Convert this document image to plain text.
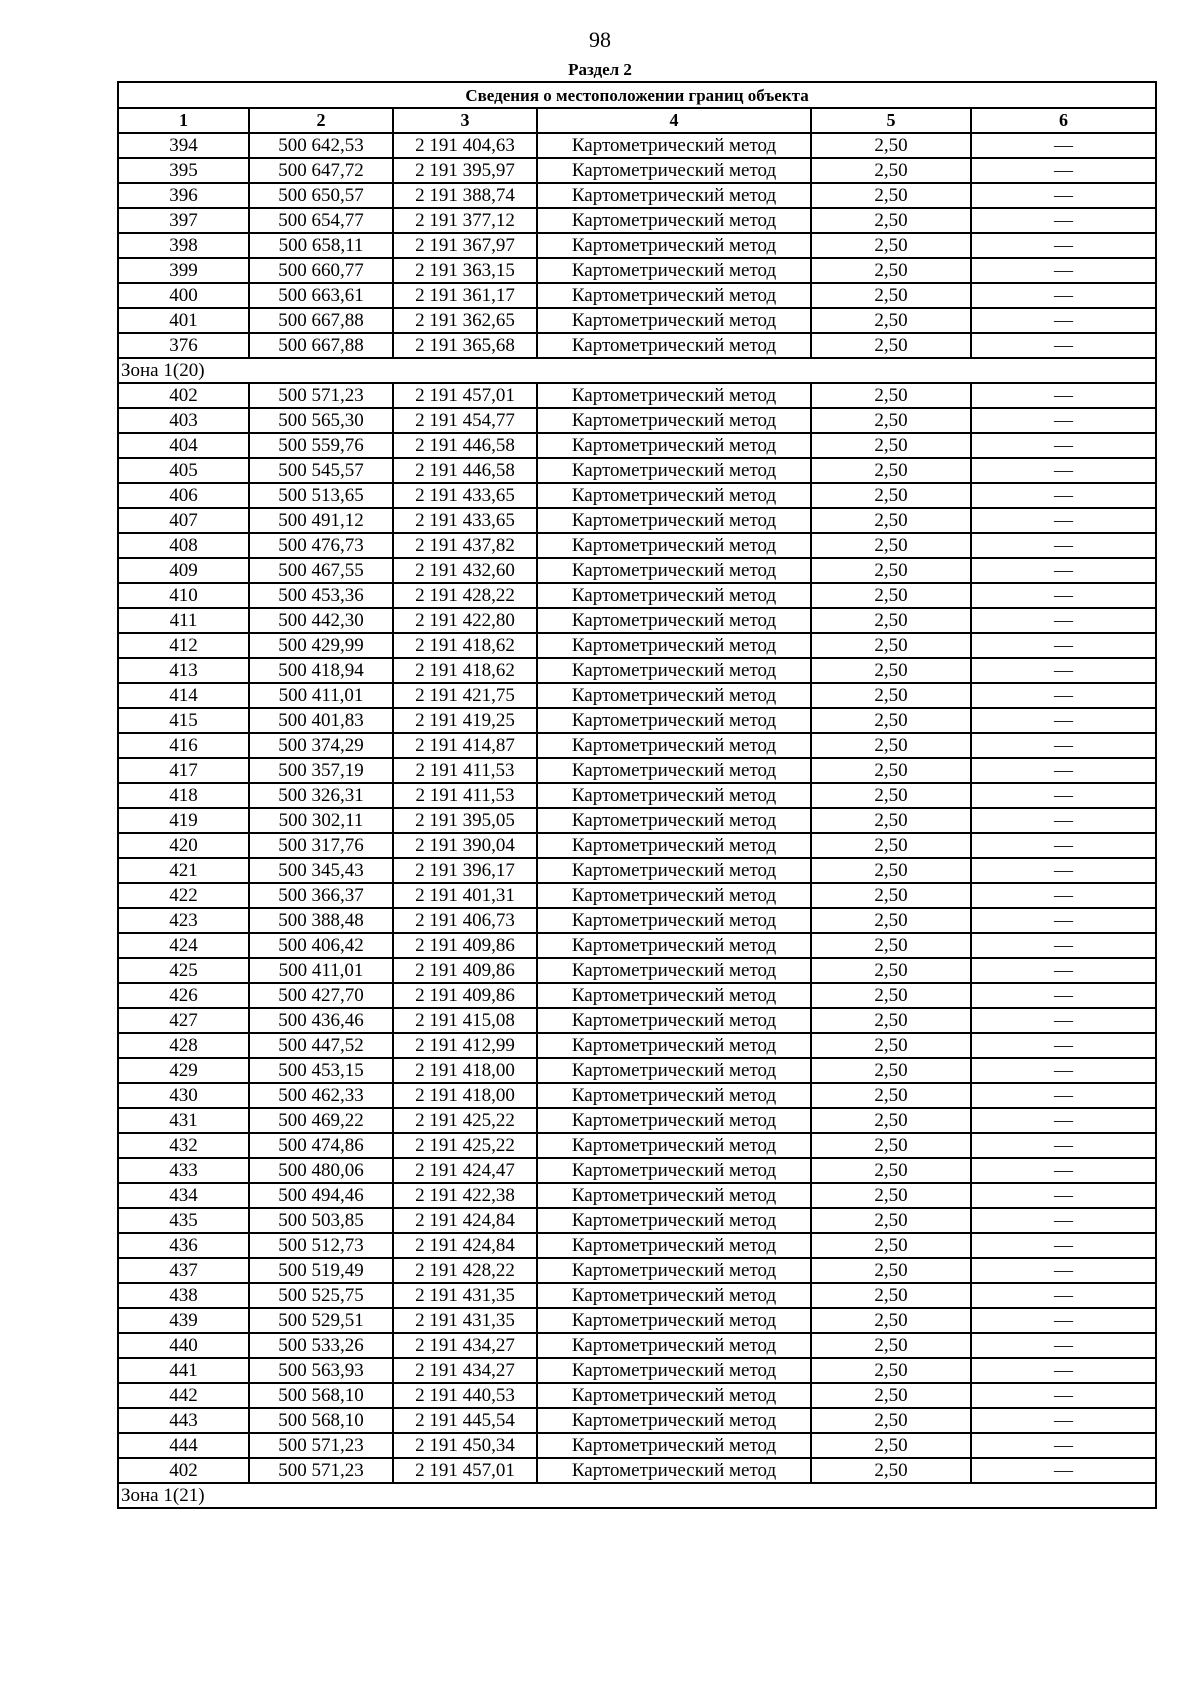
98
Раздел 2
Сведения о местоположении границ объекта					
1	2	3	4	5	6
394	500 642,53	2 191 404,63	Картометрический метод	2,50	—
395	500 647,72	2 191 395,97	Картометрический метод	2,50	—
396	500 650,57	2 191 388,74	Картометрический метод	2,50	—
397	500 654,77	2 191 377,12	Картометрический метод	2,50	—
398	500 658,11	2 191 367,97	Картометрический метод	2,50	—
399	500 660,77	2 191 363,15	Картометрический метод	2,50	—
400	500 663,61	2 191 361,17	Картометрический метод	2,50	—
401	500 667,88	2 191 362,65	Картометрический метод	2,50	—
376	500 667,88	2 191 365,68	Картометрический метод	2,50	—
Зона 1(20)					
402	500 571,23	2 191 457,01	Картометрический метод	2,50	—
403	500 565,30	2 191 454,77	Картометрический метод	2,50	—
404	500 559,76	2 191 446,58	Картометрический метод	2,50	—
405	500 545,57	2 191 446,58	Картометрический метод	2,50	—
406	500 513,65	2 191 433,65	Картометрический метод	2,50	—
407	500 491,12	2 191 433,65	Картометрический метод	2,50	—
408	500 476,73	2 191 437,82	Картометрический метод	2,50	—
409	500 467,55	2 191 432,60	Картометрический метод	2,50	—
410	500 453,36	2 191 428,22	Картометрический метод	2,50	—
411	500 442,30	2 191 422,80	Картометрический метод	2,50	—
412	500 429,99	2 191 418,62	Картометрический метод	2,50	—
413	500 418,94	2 191 418,62	Картометрический метод	2,50	—
414	500 411,01	2 191 421,75	Картометрический метод	2,50	—
415	500 401,83	2 191 419,25	Картометрический метод	2,50	—
416	500 374,29	2 191 414,87	Картометрический метод	2,50	—
417	500 357,19	2 191 411,53	Картометрический метод	2,50	—
418	500 326,31	2 191 411,53	Картометрический метод	2,50	—
419	500 302,11	2 191 395,05	Картометрический метод	2,50	—
420	500 317,76	2 191 390,04	Картометрический метод	2,50	—
421	500 345,43	2 191 396,17	Картометрический метод	2,50	—
422	500 366,37	2 191 401,31	Картометрический метод	2,50	—
423	500 388,48	2 191 406,73	Картометрический метод	2,50	—
424	500 406,42	2 191 409,86	Картометрический метод	2,50	—
425	500 411,01	2 191 409,86	Картометрический метод	2,50	—
426	500 427,70	2 191 409,86	Картометрический метод	2,50	—
427	500 436,46	2 191 415,08	Картометрический метод	2,50	—
428	500 447,52	2 191 412,99	Картометрический метод	2,50	—
429	500 453,15	2 191 418,00	Картометрический метод	2,50	—
430	500 462,33	2 191 418,00	Картометрический метод	2,50	—
431	500 469,22	2 191 425,22	Картометрический метод	2,50	—
432	500 474,86	2 191 425,22	Картометрический метод	2,50	—
433	500 480,06	2 191 424,47	Картометрический метод	2,50	—
434	500 494,46	2 191 422,38	Картометрический метод	2,50	—
435	500 503,85	2 191 424,84	Картометрический метод	2,50	—
436	500 512,73	2 191 424,84	Картометрический метод	2,50	—
437	500 519,49	2 191 428,22	Картометрический метод	2,50	—
438	500 525,75	2 191 431,35	Картометрический метод	2,50	—
439	500 529,51	2 191 431,35	Картометрический метод	2,50	—
440	500 533,26	2 191 434,27	Картометрический метод	2,50	—
441	500 563,93	2 191 434,27	Картометрический метод	2,50	—
442	500 568,10	2 191 440,53	Картометрический метод	2,50	—
443	500 568,10	2 191 445,54	Картометрический метод	2,50	—
444	500 571,23	2 191 450,34	Картометрический метод	2,50	—
402	500 571,23	2 191 457,01	Картометрический метод	2,50	—
Зона 1(21)					
